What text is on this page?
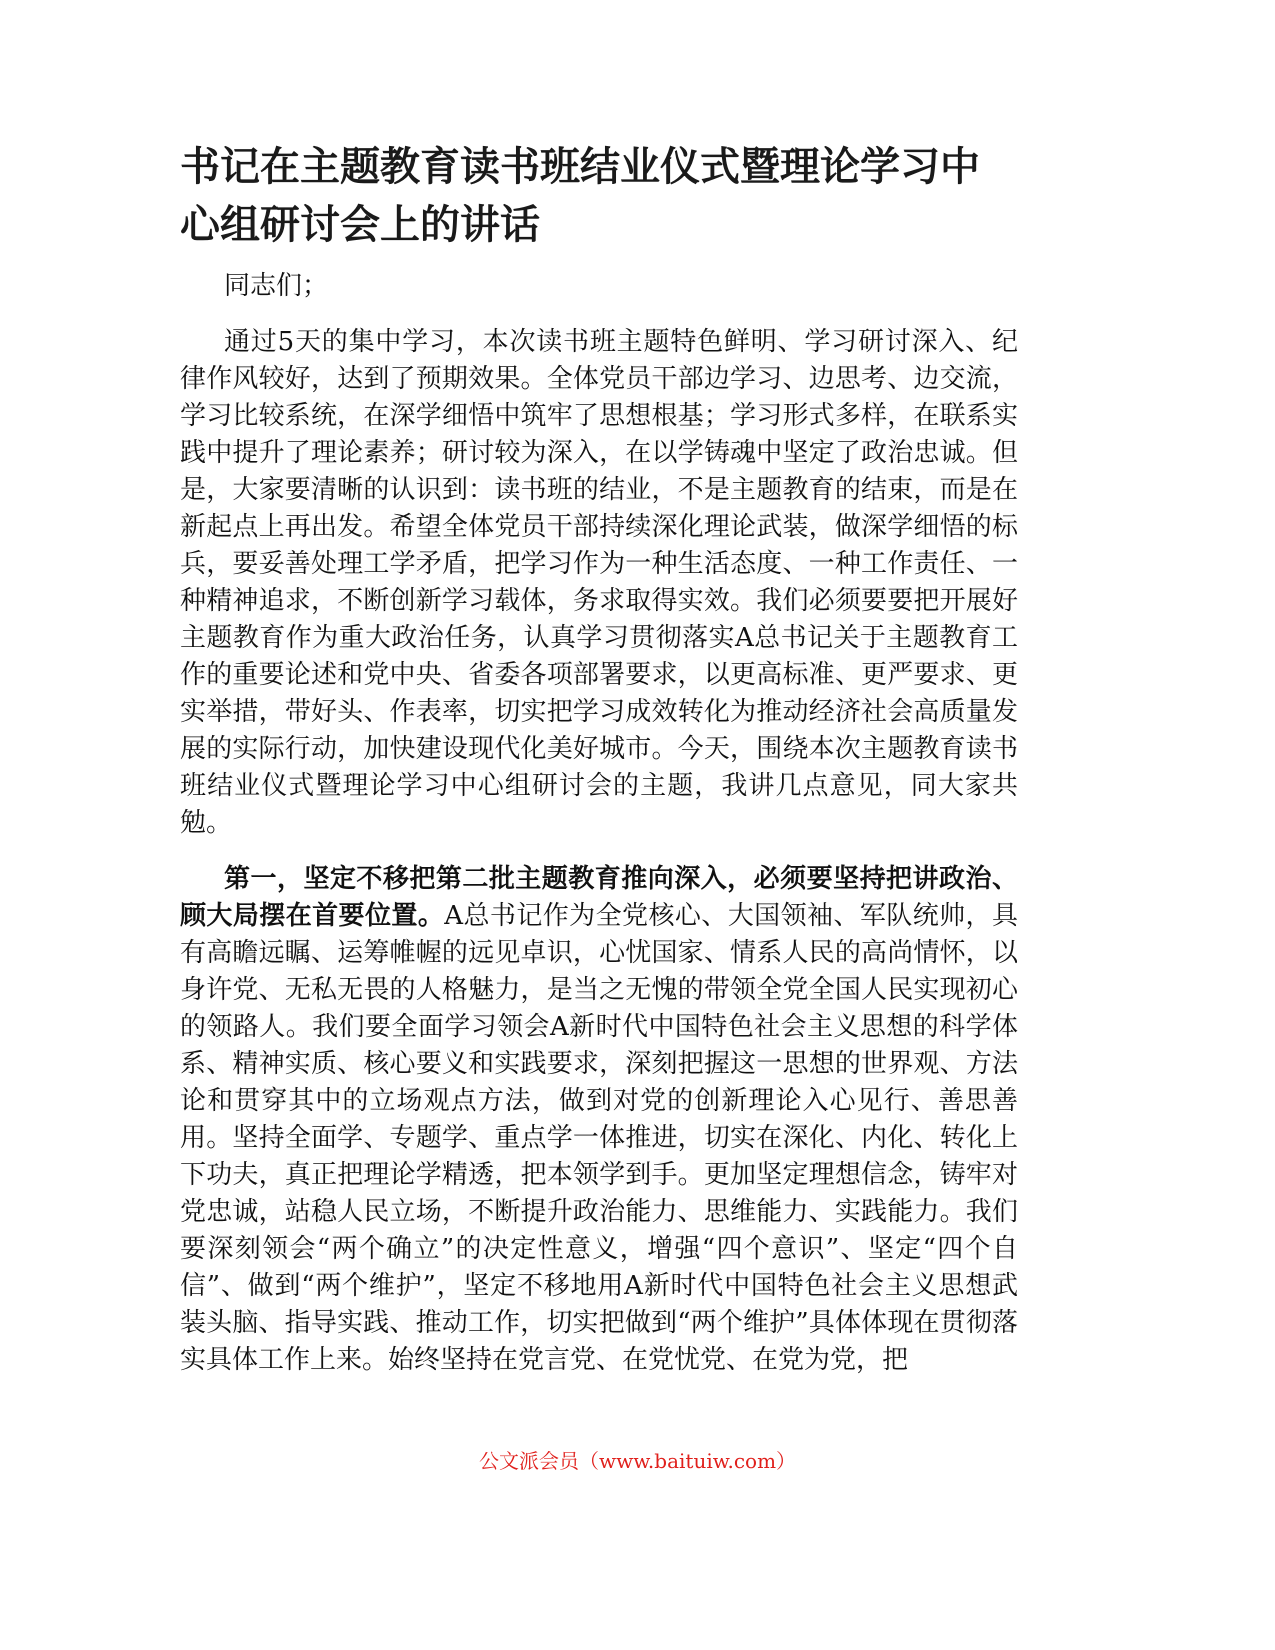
书记在主题教育读书班结业仪式暨理论学习中心组研讨会上的讲话

同志们；

通过5天的集中学习，本次读书班主题特色鲜明、学习研讨深入、纪律作风较好，达到了预期效果。全体党员干部边学习、边思考、边交流，学习比较系统，在深学细悟中筑牢了思想根基；学习形式多样，在联系实践中提升了理论素养；研讨较为深入，在以学铸魂中坚定了政治忠诚。但是，大家要清晰的认识到：读书班的结业，不是主题教育的结束，而是在新起点上再出发。希望全体党员干部持续深化理论武装，做深学细悟的标兵，要妥善处理工学矛盾，把学习作为一种生活态度、一种工作责任、一种精神追求，不断创新学习载体，务求取得实效。我们必须要要把开展好主题教育作为重大政治任务，认真学习贯彻落实A总书记关于主题教育工作的重要论述和党中央、省委各项部署要求，以更高标准、更严要求、更实举措，带好头、作表率，切实把学习成效转化为推动经济社会高质量发展的实际行动，加快建设现代化美好城市。今天，围绕本次主题教育读书班结业仪式暨理论学习中心组研讨会的主题，我讲几点意见，同大家共勉。

第一，坚定不移把第二批主题教育推向深入，必须要坚持把讲政治、顾大局摆在首要位置。A总书记作为全党核心、大国领袖、军队统帅，具有高瞻远瞩、运筹帷幄的远见卓识，心忧国家、情系人民的高尚情怀，以身许党、无私无畏的人格魅力，是当之无愧的带领全党全国人民实现初心的领路人。我们要全面学习领会A新时代中国特色社会主义思想的科学体系、精神实质、核心要义和实践要求，深刻把握这一思想的世界观、方法论和贯穿其中的立场观点方法，做到对党的创新理论入心见行、善思善用。坚持全面学、专题学、重点学一体推进，切实在深化、内化、转化上下功夫，真正把理论学精透，把本领学到手。更加坚定理想信念，铸牢对党忠诚，站稳人民立场，不断提升政治能力、思维能力、实践能力。我们要深刻领会“两个确立”的决定性意义，增强“四个意识”、坚定“四个自信”、做到“两个维护”，坚定不移地用A新时代中国特色社会主义思想武装头脑、指导实践、推动工作，切实把做到“两个维护”具体体现在贯彻落实具体工作上来。始终坚持在党言党、在党忧党、在党为党，把

公文派会员（www.baituiw.com）
